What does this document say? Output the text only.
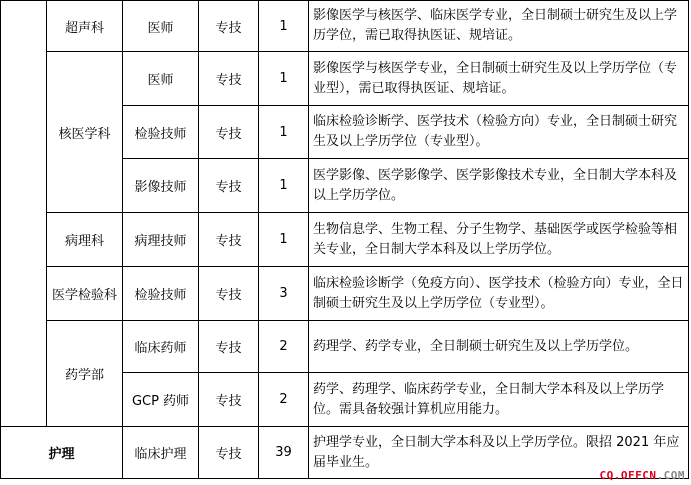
	超声科	医师	专技	1	影像医学与核医学、临床医学专业，全日制硕士研究生及以上学历学位，需已取得执医证、规培证。
	核医学科	医师	专技	1	影像医学与核医学专业，全日制硕士研究生及以上学历学位（专业型），需已取得执医证、规培证。
		检验技师	专技	1	临床检验诊断学、医学技术（检验方向）专业，全日制硕士研究生及以上学历学位（专业型）。
		影像技师	专技	1	医学影像、医学影像学、医学影像技术专业，全日制大学本科及以上学历学位。
	病理科	病理技师	专技	1	生物信息学、生物工程、分子生物学、基础医学或医学检验等相关专业，全日制大学本科及以上学历学位。
	医学检验科	检验技师	专技	3	临床检验诊断学（免疫方向）、医学技术（检验方向）专业，全日制硕士研究生及以上学历学位（专业型）。
	药学部	临床药师	专技	2	药理学、药学专业，全日制硕士研究生及以上学历学位。
		GCP 药师	专技	2	药学、药理学、临床药学专业，全日制大学本科及以上学历学位。需具备较强计算机应用能力。
护理		临床护理	专技	39	护理学专业，全日制大学本科及以上学历学位。限招 2021 年应届毕业生。
CQ.OFFCN.COM
